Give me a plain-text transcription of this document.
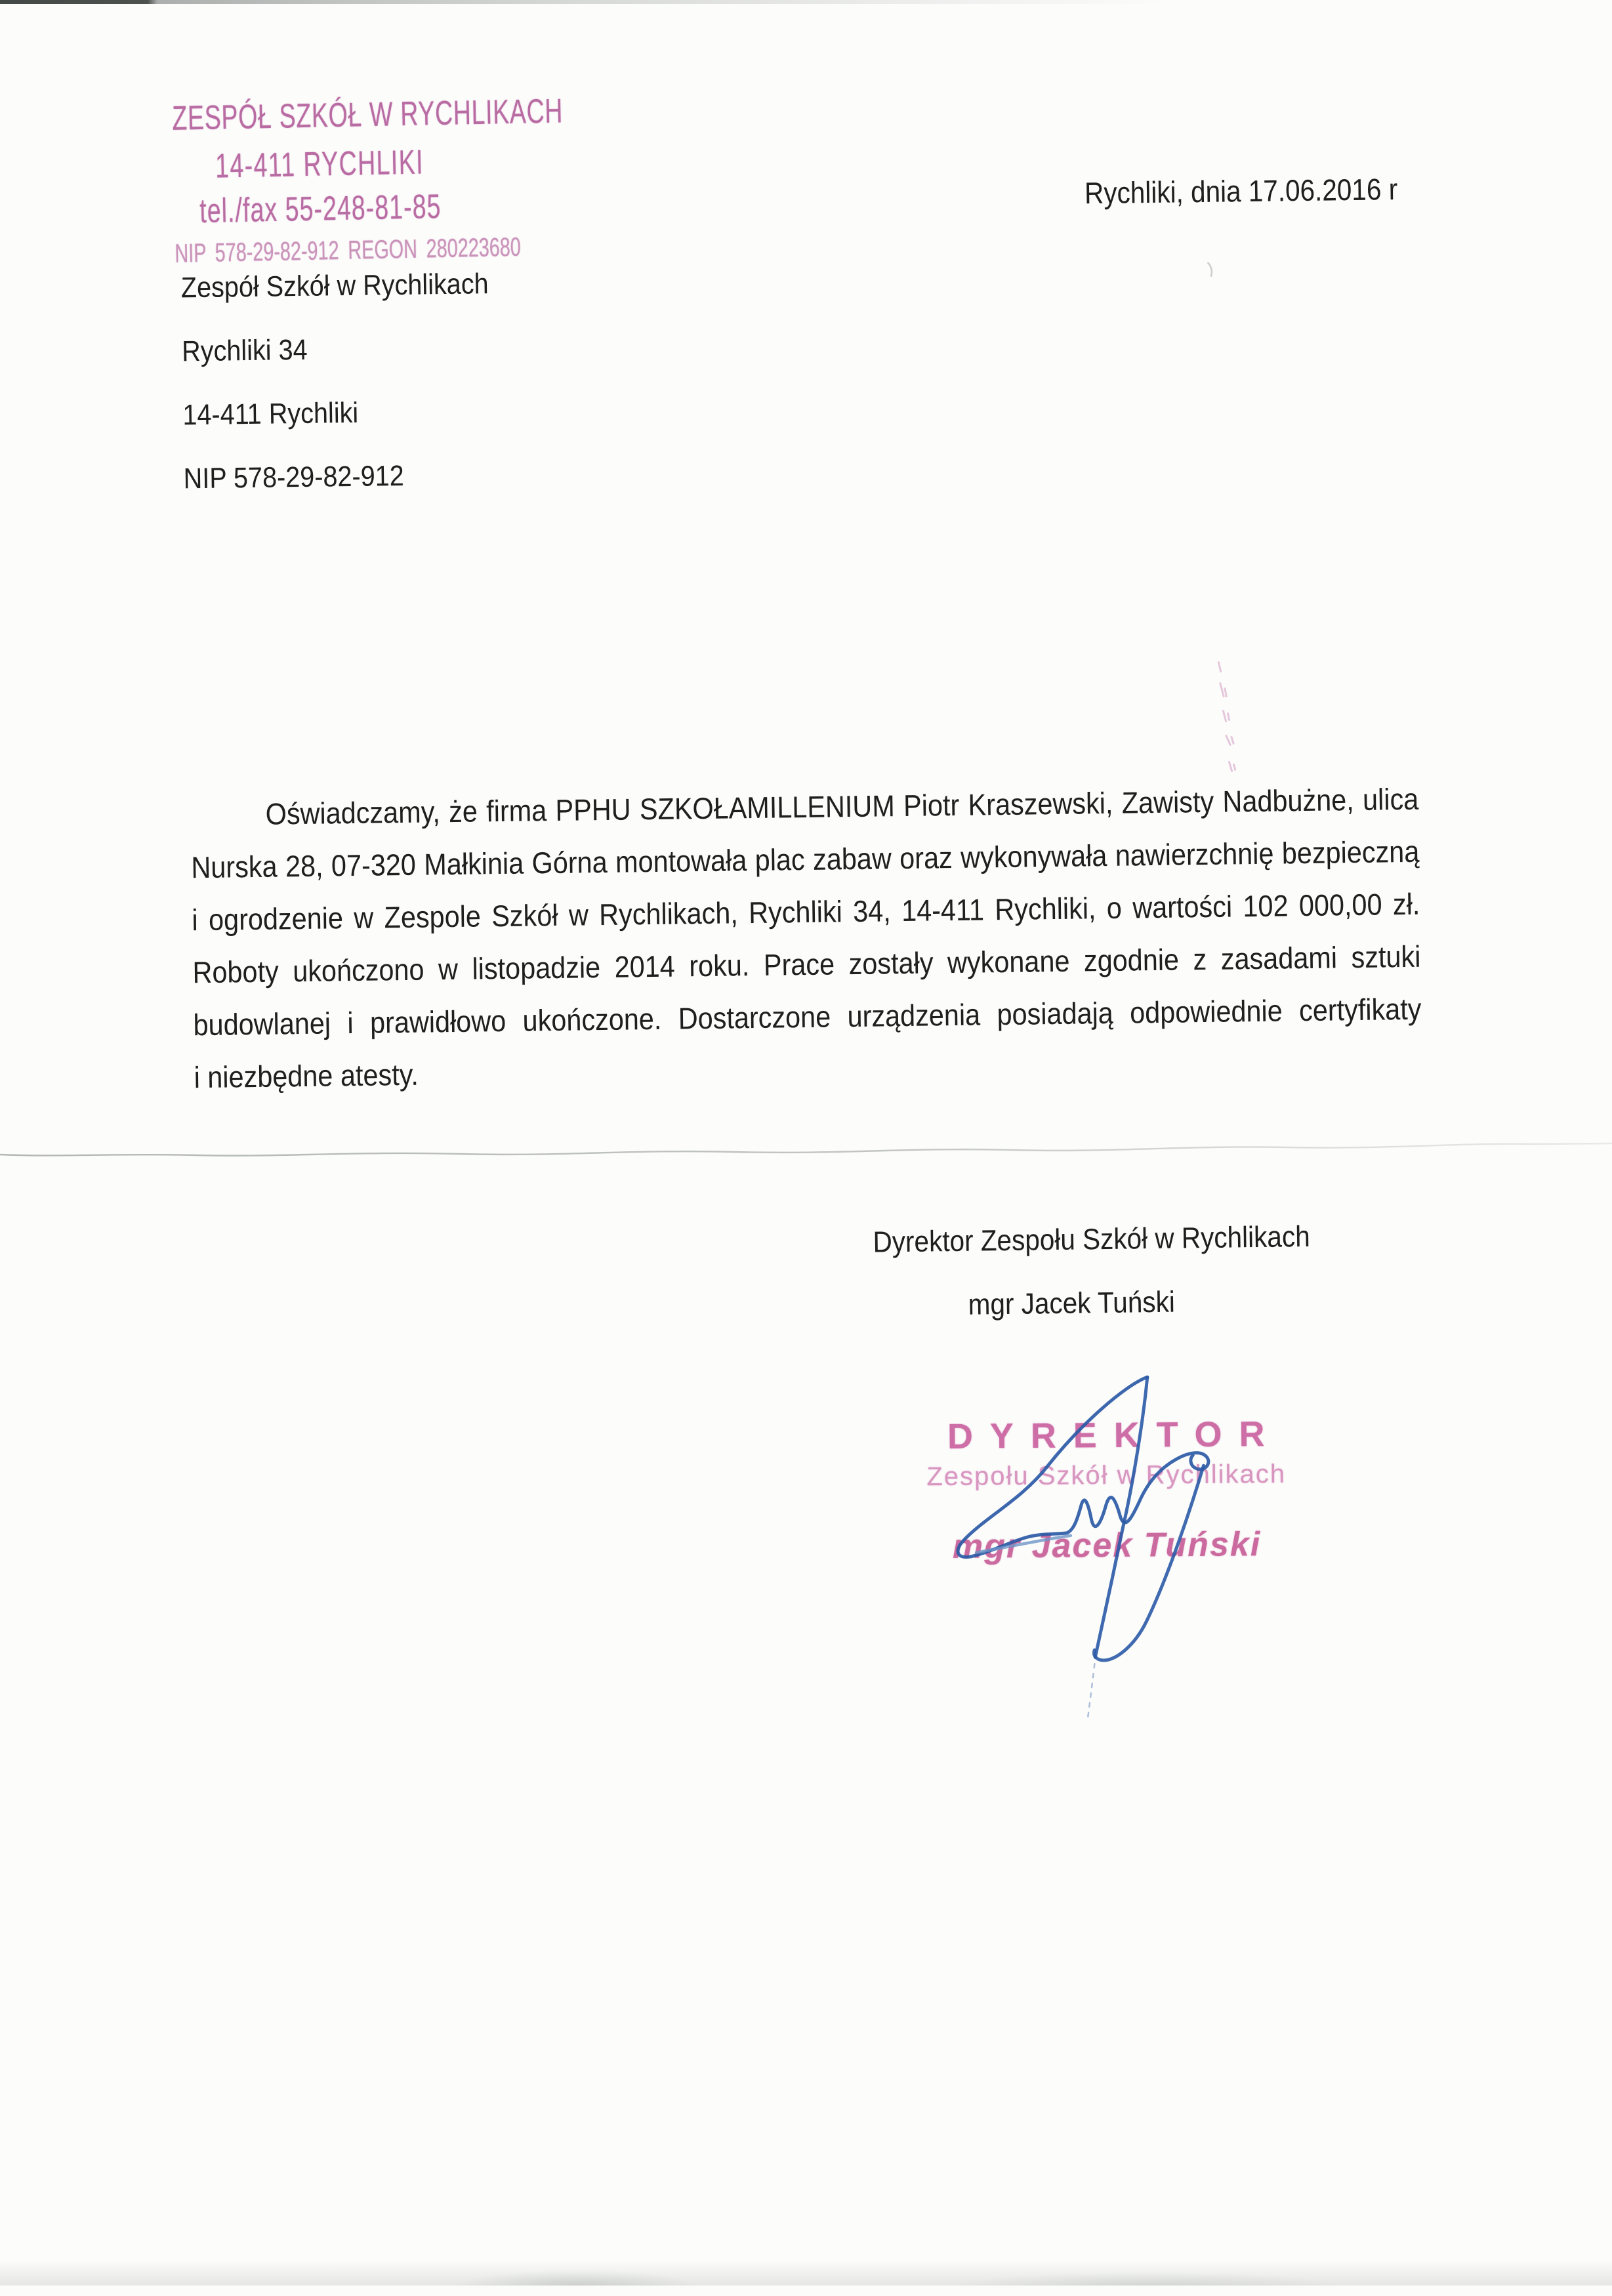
ZESPÓŁ SZKÓŁ W RYCHLIKACH
14-411 RYCHLIKI
tel./fax 55-248-81-85
NIP 578-29-82-912 REGON 280223680
Rychliki, dnia 17.06.2016 r
Zespół Szkół w Rychlikach
Rychliki 34
14-411 Rychliki
NIP 578-29-82-912
Oświadczamy, że firma PPHU SZKOŁAMILLENIUM Piotr Kraszewski, Zawisty Nadbużne, ulica
Nurska 28, 07-320 Małkinia Górna montowała plac zabaw oraz wykonywała nawierzchnię bezpieczną
i ogrodzenie w Zespole Szkół w Rychlikach, Rychliki 34, 14-411 Rychliki, o wartości 102 000,00 zł.
Roboty ukończono w listopadzie 2014 roku. Prace zostały wykonane zgodnie z zasadami sztuki
budowlanej i prawidłowo ukończone. Dostarczone urządzenia posiadają odpowiednie certyfikaty
i niezbędne atesty.
Dyrektor Zespołu Szkół w Rychlikach
mgr Jacek Tuński
DYREKTOR
Zespołu Szkół w Rychlikach
mgr Jacek Tuński
